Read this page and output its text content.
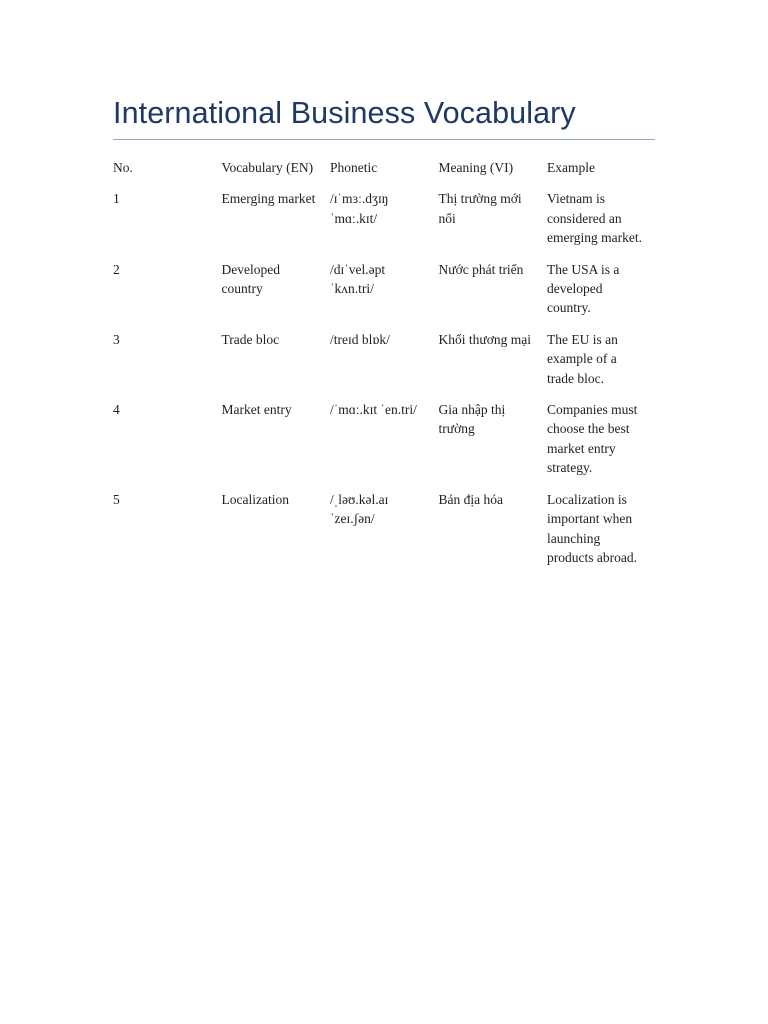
International Business Vocabulary
No.	Vocabulary (EN)	Phonetic	Meaning (VI)	Example
1	Emerging market	/ɪˈmɜː.dʒɪŋ ˈmɑː.kɪt/	Thị trường mới nổi	Vietnam is considered an emerging market.
2	Developed country	/dɪˈvel.əpt ˈkʌn.tri/	Nước phát triển	The USA is a developed country.
3	Trade bloc	/treɪd blɒk/	Khối thương mại	The EU is an example of a trade bloc.
4	Market entry	/ˈmɑː.kɪt ˈen.tri/	Gia nhập thị trường	Companies must choose the best market entry strategy.
5	Localization	/ˌləʊ.kəl.aɪˈzeɪ.ʃən/	Bản địa hóa	Localization is important when launching products abroad.
